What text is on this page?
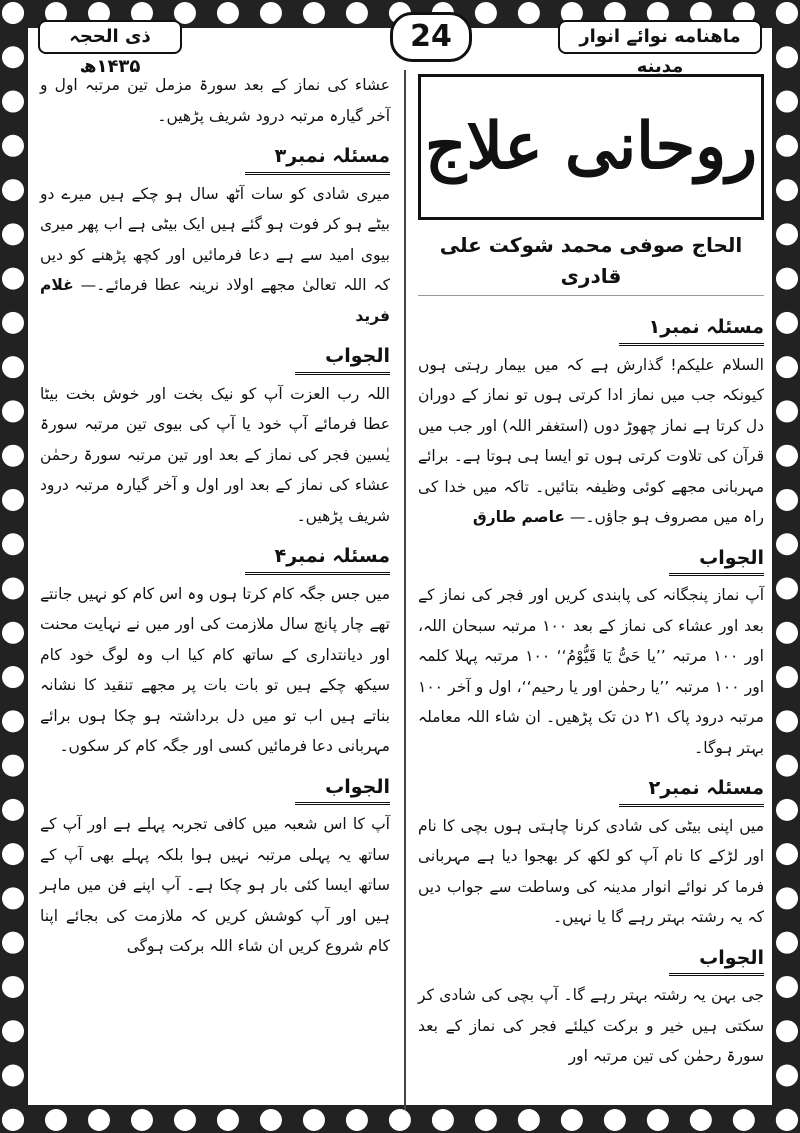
ذی الحجہ ۱۴۳۵ھ
24	ماهنامه نوائے انوار مدینه
روحانی علاج
الحاج صوفی محمد شوکت علی قادری
مسئلہ نمبر۱

السلام علیکم! گذارش ہے کہ میں بیمار رہتی ہوں کیونکہ جب میں نماز ادا کرتی ہوں تو نماز کے دوران دل کرتا ہے نماز چھوڑ دوں (استغفر اللہ) اور جب میں قرآن کی تلاوت کرتی ہوں تو ایسا ہی ہوتا ہے۔ برائے مہربانی مجھے کوئی وظیفہ بتائیں۔ تاکہ میں خدا کی راہ میں مصروف ہو جاؤں۔— عاصم طارق

الجواب

آپ نماز پنجگانہ کی پابندی کریں اور فجر کی نماز کے بعد اور عشاء کی نماز کے بعد ۱۰۰ مرتبہ سبحان اللہ، اور ۱۰۰ مرتبہ ’’یا حَیُّ یَا قَیُّوْمُ‘‘ ۱۰۰ مرتبہ پہلا کلمہ اور ۱۰۰ مرتبہ ’’یا رحمٰن اور یا رحیم‘‘، اول و آخر ۱۰۰ مرتبہ درود پاک ۲۱ دن تک پڑھیں۔ ان شاء اللہ معاملہ بہتر ہوگا۔

مسئلہ نمبر۲

میں اپنی بیٹی کی شادی کرنا چاہتی ہوں بچی کا نام اور لڑکے کا نام آپ کو لکھ کر بھجوا دیا ہے مہربانی فرما کر نوائے انوار مدینہ کی وساطت سے جواب دیں کہ یہ رشتہ بہتر رہے گا یا نہیں۔

الجواب

جی بہن یہ رشتہ بہتر رہے گا۔ آپ بچی کی شادی کر سکتی ہیں خیر و برکت کیلئے فجر کی نماز کے بعد سورۃ رحمٰن کی تین مرتبہ اور

عشاء کی نماز کے بعد سورۃ مزمل تین مرتبہ اول و آخر گیارہ مرتبہ درود شریف پڑھیں۔

مسئلہ نمبر۳

میری شادی کو سات آٹھ سال ہو چکے ہیں میرے دو بیٹے ہو کر فوت ہو گئے ہیں ایک بیٹی ہے اب پھر میری بیوی امید سے ہے دعا فرمائیں اور کچھ پڑھنے کو دیں کہ اللہ تعالیٰ مجھے اولاد نرینہ عطا فرمائے۔— غلام فرید

الجواب

اللہ رب العزت آپ کو نیک بخت اور خوش بخت بیٹا عطا فرمائے آپ خود یا آپ کی بیوی تین مرتبہ سورۃ یٰسین فجر کی نماز کے بعد اور تین مرتبہ سورۃ رحمٰن عشاء کی نماز کے بعد اور اول و آخر گیارہ مرتبہ درود شریف پڑھیں۔

مسئلہ نمبر۴

میں جس جگہ کام کرتا ہوں وہ اس کام کو نہیں جانتے تھے چار پانچ سال ملازمت کی اور میں نے نہایت محنت اور دیانتداری کے ساتھ کام کیا اب وہ لوگ خود کام سیکھ چکے ہیں تو بات بات پر مجھے تنقید کا نشانہ بناتے ہیں اب تو میں دل برداشتہ ہو چکا ہوں برائے مہربانی دعا فرمائیں کسی اور جگہ کام کر سکوں۔

الجواب

آپ کا اس شعبہ میں کافی تجربہ پہلے ہے اور آپ کے ساتھ یہ پہلی مرتبہ نہیں ہوا بلکہ پہلے بھی آپ کے ساتھ ایسا کئی بار ہو چکا ہے۔ آپ اپنے فن میں ماہر ہیں اور آپ کوشش کریں کہ ملازمت کی بجائے اپنا کام شروع کریں ان شاء اللہ برکت ہوگی
